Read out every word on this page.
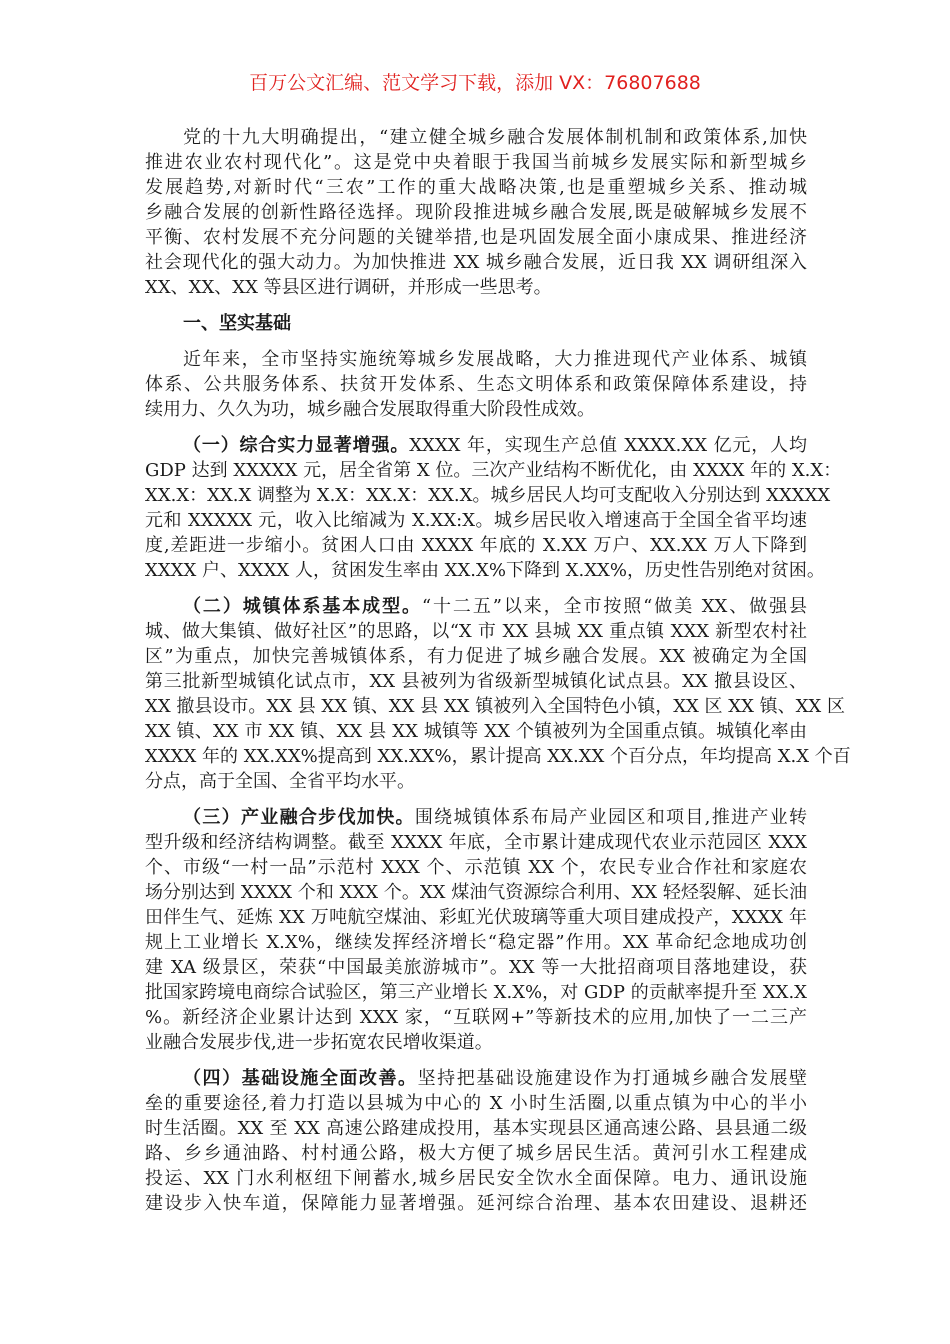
百万公文汇编、范文学习下载，添加 VX：76807688
党的十九大明确提出，“建立健全城乡融合发展体制机制和政策体系,加快
推进农业农村现代化”。这是党中央着眼于我国当前城乡发展实际和新型城乡
发展趋势,对新时代“三农”工作的重大战略决策,也是重塑城乡关系、推动城
乡融合发展的创新性路径选择。现阶段推进城乡融合发展,既是破解城乡发展不
平衡、农村发展不充分问题的关键举措,也是巩固发展全面小康成果、推进经济
社会现代化的强大动力。为加快推进 XX 城乡融合发展，近日我 XX 调研组深入
XX、XX、XX 等县区进行调研，并形成一些思考。
一、坚实基础
近年来，全市坚持实施统筹城乡发展战略，大力推进现代产业体系、城镇
体系、公共服务体系、扶贫开发体系、生态文明体系和政策保障体系建设，持
续用力、久久为功，城乡融合发展取得重大阶段性成效。
（一）综合实力显著增强。XXXX 年，实现生产总值 XXXX.XX 亿元，人均
GDP 达到 XXXXX 元，居全省第 X 位。三次产业结构不断优化，由 XXXX 年的 X.X：
XX.X：XX.X 调整为 X.X：XX.X：XX.X。城乡居民人均可支配收入分别达到 XXXXX
元和 XXXXX 元，收入比缩减为 X.XX:X。城乡居民收入增速高于全国全省平均速
度,差距进一步缩小。贫困人口由 XXXX 年底的 X.XX 万户、XX.XX 万人下降到
XXXX 户、XXXX 人，贫困发生率由 XX.X%下降到 X.XX%，历史性告别绝对贫困。
（二）城镇体系基本成型。“十二五”以来，全市按照“做美 XX、做强县
城、做大集镇、做好社区”的思路，以“X 市 XX 县城 XX 重点镇 XXX 新型农村社
区”为重点，加快完善城镇体系，有力促进了城乡融合发展。XX 被确定为全国
第三批新型城镇化试点市，XX 县被列为省级新型城镇化试点县。XX 撤县设区、
XX 撤县设市。XX 县 XX 镇、XX 县 XX 镇被列入全国特色小镇，XX 区 XX 镇、XX 区
XX 镇、XX 市 XX 镇、XX 县 XX 城镇等 XX 个镇被列为全国重点镇。城镇化率由
XXXX 年的 XX.XX%提高到 XX.XX%，累计提高 XX.XX 个百分点，年均提高 X.X 个百
分点，高于全国、全省平均水平。
（三）产业融合步伐加快。围绕城镇体系布局产业园区和项目,推进产业转
型升级和经济结构调整。截至 XXXX 年底，全市累计建成现代农业示范园区 XXX
个、市级“一村一品”示范村 XXX 个、示范镇 XX 个，农民专业合作社和家庭农
场分别达到 XXXX 个和 XXX 个。XX 煤油气资源综合利用、XX 轻烃裂解、延长油
田伴生气、延炼 XX 万吨航空煤油、彩虹光伏玻璃等重大项目建成投产，XXXX 年
规上工业增长 X.X%，继续发挥经济增长“稳定器”作用。XX 革命纪念地成功创
建 XA 级景区，荣获“中国最美旅游城市”。XX 等一大批招商项目落地建设，获
批国家跨境电商综合试验区，第三产业增长 X.X%，对 GDP 的贡献率提升至 XX.X
%。新经济企业累计达到 XXX 家，“互联网+”等新技术的应用,加快了一二三产
业融合发展步伐,进一步拓宽农民增收渠道。
（四）基础设施全面改善。坚持把基础设施建设作为打通城乡融合发展壁
垒的重要途径,着力打造以县城为中心的 X 小时生活圈,以重点镇为中心的半小
时生活圈。XX 至 XX 高速公路建成投用，基本实现县区通高速公路、县县通二级
路、乡乡通油路、村村通公路，极大方便了城乡居民生活。黄河引水工程建成
投运、XX 门水利枢纽下闸蓄水,城乡居民安全饮水全面保障。电力、通讯设施
建设步入快车道，保障能力显著增强。延河综合治理、基本农田建设、退耕还
